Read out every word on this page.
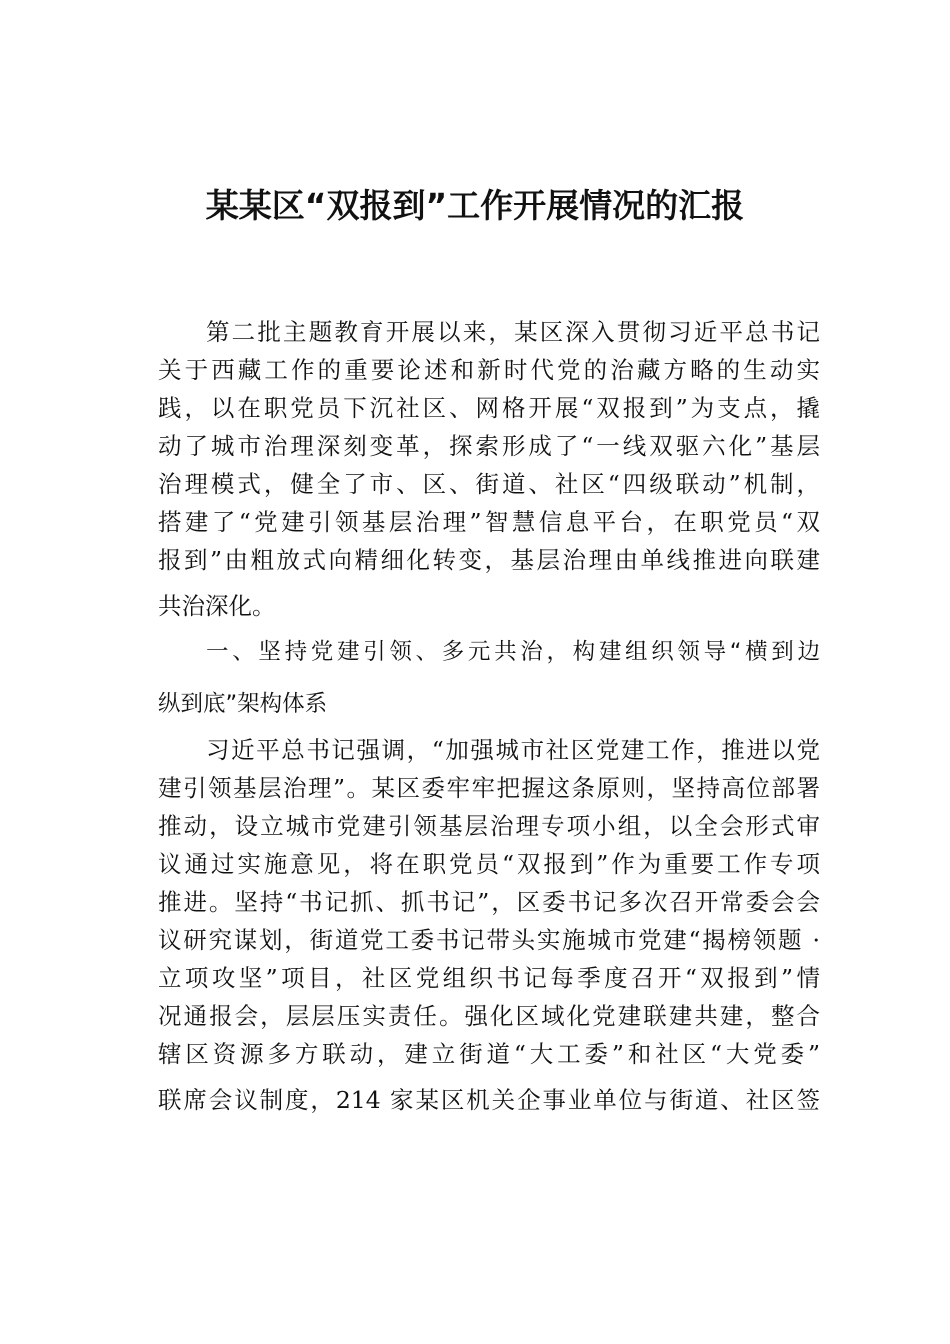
某某区“双报到”工作开展情况的汇报
第二批主题教育开展以来，某区深入贯彻习近平总书记
关于西藏工作的重要论述和新时代党的治藏方略的生动实
践，以在职党员下沉社区、网格开展“双报到”为支点，撬
动了城市治理深刻变革，探索形成了“一线双驱六化”基层
治理模式，健全了市、区、街道、社区“四级联动”机制，
搭建了“党建引领基层治理”智慧信息平台，在职党员“双
报到”由粗放式向精细化转变，基层治理由单线推进向联建
共治深化。
一、坚持党建引领、多元共治，构建组织领导“横到边
纵到底”架构体系
习近平总书记强调，“加强城市社区党建工作，推进以党
建引领基层治理”。某区委牢牢把握这条原则，坚持高位部署
推动，设立城市党建引领基层治理专项小组，以全会形式审
议通过实施意见，将在职党员“双报到”作为重要工作专项
推进。坚持“书记抓、抓书记”，区委书记多次召开常委会会
议研究谋划，街道党工委书记带头实施城市党建“揭榜领题 ·
立项攻坚”项目，社区党组织书记每季度召开“双报到”情
况通报会，层层压实责任。强化区域化党建联建共建，整合
辖区资源多方联动，建立街道“大工委”和社区“大党委”
联席会议制度，214 家某区机关企事业单位与街道、社区签
